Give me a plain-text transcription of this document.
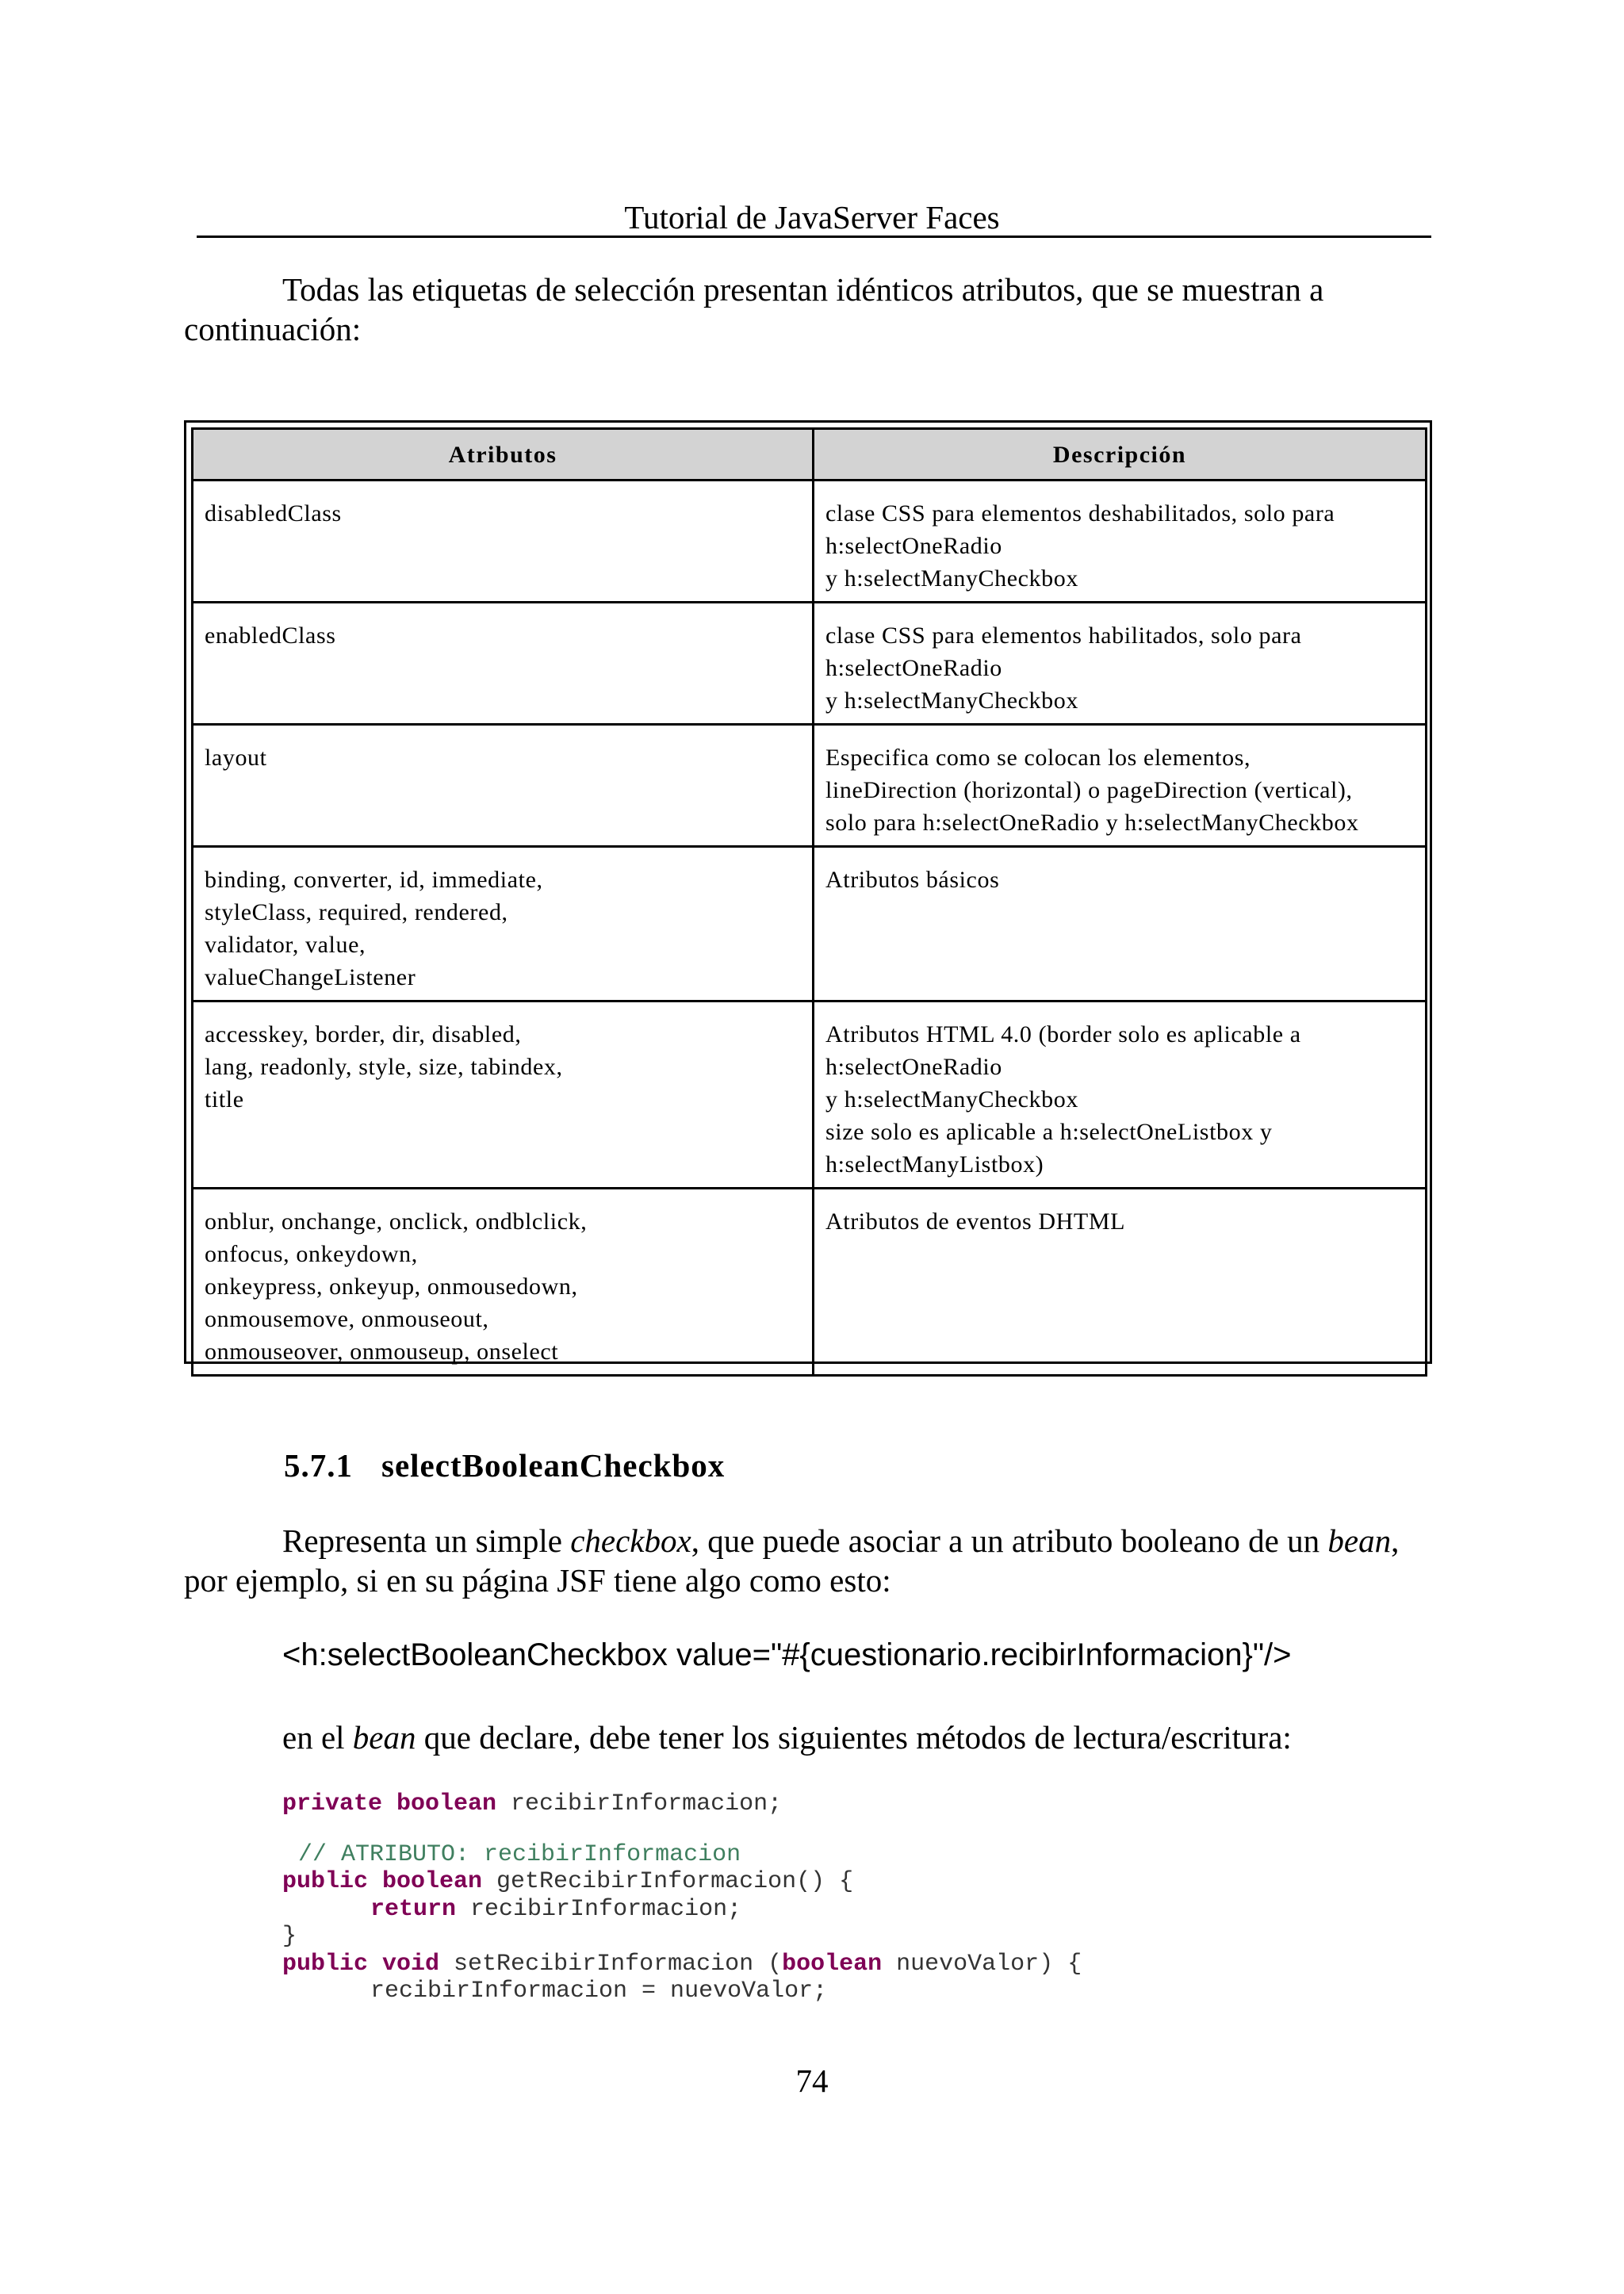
Tutorial de JavaServer Faces
Todas las etiquetas de selección presentan idénticos atributos, que se muestran a continuación:
Atributos	Descripción

disabledClass	clase CSS para elementos deshabilitados, solo para
h:selectOneRadio
y h:selectManyCheckbox

enabledClass	clase CSS para elementos habilitados, solo para
h:selectOneRadio
y h:selectManyCheckbox

layout	Especifica como se colocan los elementos,
lineDirection (horizontal) o pageDirection (vertical),
solo para h:selectOneRadio y h:selectManyCheckbox

binding, converter, id, immediate,
styleClass, required, rendered,
validator, value,
valueChangeListener	Atributos básicos

accesskey, border, dir, disabled,
lang, readonly, style, size, tabindex,
title	Atributos HTML 4.0 (border solo es aplicable a
h:selectOneRadio
y h:selectManyCheckbox
size solo es aplicable a h:selectOneListbox y
h:selectManyListbox)

onblur, onchange, onclick, ondblclick,
onfocus, onkeydown,
onkeypress, onkeyup, onmousedown,
onmousemove, onmouseout,
onmouseover, onmouseup, onselect	Atributos de eventos DHTML
5.7.1 selectBooleanCheckbox
Representa un simple checkbox, que puede asociar a un atributo booleano de un bean, por ejemplo, si en su página JSF tiene algo como esto:
<h:selectBooleanCheckbox value="#{cuestionario.recibirInformacion}"/>
en el bean que declare, debe tener los siguientes métodos de lectura/escritura:
private boolean recibirInformacion;
// ATRIBUTO: recibirInformacion
public boolean getRecibirInformacion() {
return recibirInformacion;
}
public void setRecibirInformacion (boolean nuevoValor) {
recibirInformacion = nuevoValor;
74
